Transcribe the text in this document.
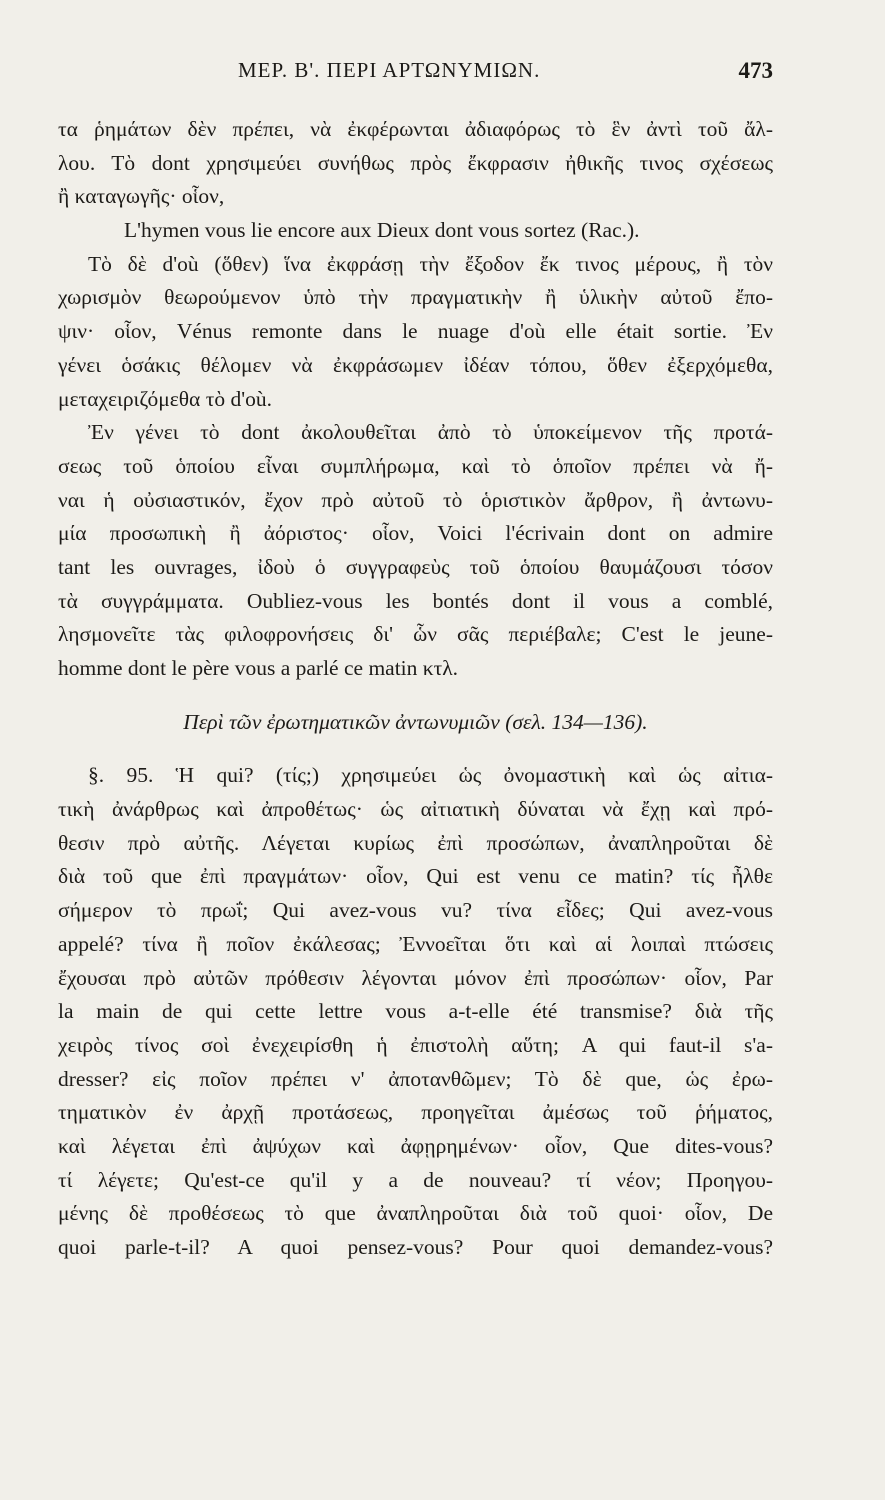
ΜΕΡ. Β'. ΠΕΡΙ ΑΡΤΩΝΥΜΙΩΝ.	473
τα ῥημάτων δὲν πρέπει, νὰ ἐκφέρωνται ἀδιαφόρως τὸ ἓν ἀντὶ τοῦ ἄλ-
λου. Τὸ dont χρησιμεύει συνήθως πρὸς ἔκφρασιν ἠθικῆς τινος σχέσεως
ἢ καταγωγῆς· οἷον,
L'hymen vous lie encore aux Dieux dont vous sortez (Rac.).
Τὸ δὲ d'où (ὅθεν) ἵνα ἐκφράσῃ τὴν ἔξοδον ἔκ τινος μέρους, ἢ τὸν
χωρισμὸν θεωρούμενον ὑπὸ τὴν πραγματικὴν ἢ ὑλικὴν αὐτοῦ ἔπο-
ψιν· οἷον, Vénus remonte dans le nuage d'où elle était sortie. Ἐν
γένει ὁσάκις θέλομεν νὰ ἐκφράσωμεν ἰδέαν τόπου, ὅθεν ἐξερχόμεθα,
μεταχειριζόμεθα τὸ d'où.
Ἐν γένει τὸ dont ἀκολουθεῖται ἀπὸ τὸ ὑποκείμενον τῆς προτά-
σεως τοῦ ὁποίου εἶναι συμπλήρωμα, καὶ τὸ ὁποῖον πρέπει νὰ ἤ-
ναι ἡ οὐσιαστικόν, ἔχον πρὸ αὐτοῦ τὸ ὁριστικὸν ἄρθρον, ἢ ἀντωνυ-
μία προσωπικὴ ἢ ἀόριστος· οἷον, Voici l'écrivain dont on admire
tant les ouvrages, ἰδοὺ ὁ συγγραφεὺς τοῦ ὁποίου θαυμάζουσι τόσον
τὰ συγγράμματα. Oubliez-vous les bontés dont il vous a comblé,
λησμονεῖτε τὰς φιλοφρονήσεις δι' ὧν σᾶς περιέβαλε; C'est le jeune-
homme dont le père vous a parlé ce matin κτλ.
Περὶ τῶν ἐρωτηματικῶν ἀντωνυμιῶν (σελ. 134—136).
§. 95. Ἡ qui? (τίς;) χρησιμεύει ὡς ὀνομαστικὴ καὶ ὡς αἰτια-
τικὴ ἀνάρθρως καὶ ἀπροθέτως· ὡς αἰτιατικὴ δύναται νὰ ἔχῃ καὶ πρό-
θεσιν πρὸ αὐτῆς. Λέγεται κυρίως ἐπὶ προσώπων, ἀναπληροῦται δὲ
διὰ τοῦ que ἐπὶ πραγμάτων· οἷον, Qui est venu ce matin? τίς ἦλθε
σήμερον τὸ πρωΐ; Qui avez-vous vu? τίνα εἶδες; Qui avez-vous
appelé? τίνα ἢ ποῖον ἐκάλεσας; Ἐννοεῖται ὅτι καὶ αἱ λοιπαὶ πτώσεις
ἔχουσαι πρὸ αὐτῶν πρόθεσιν λέγονται μόνον ἐπὶ προσώπων· οἷον, Par
la main de qui cette lettre vous a-t-elle été transmise? διὰ τῆς
χειρὸς τίνος σοὶ ἐνεχειρίσθη ἡ ἐπιστολὴ αὕτη; A qui faut-il s'a-
dresser? εἰς ποῖον πρέπει ν' ἀποτανθῶμεν; Τὸ δὲ que, ὡς ἐρω-
τηματικὸν ἐν ἀρχῇ προτάσεως, προηγεῖται ἀμέσως τοῦ ῥήματος,
καὶ λέγεται ἐπὶ ἀψύχων καὶ ἀφῃρημένων· οἷον, Que dites-vous?
τί λέγετε; Qu'est-ce qu'il y a de nouveau? τί νέον; Προηγου-
μένης δὲ προθέσεως τὸ que ἀναπληροῦται διὰ τοῦ quoi· οἷον, De
quoi parle-t-il? A quoi pensez-vous? Pour quoi demandez-vous?
